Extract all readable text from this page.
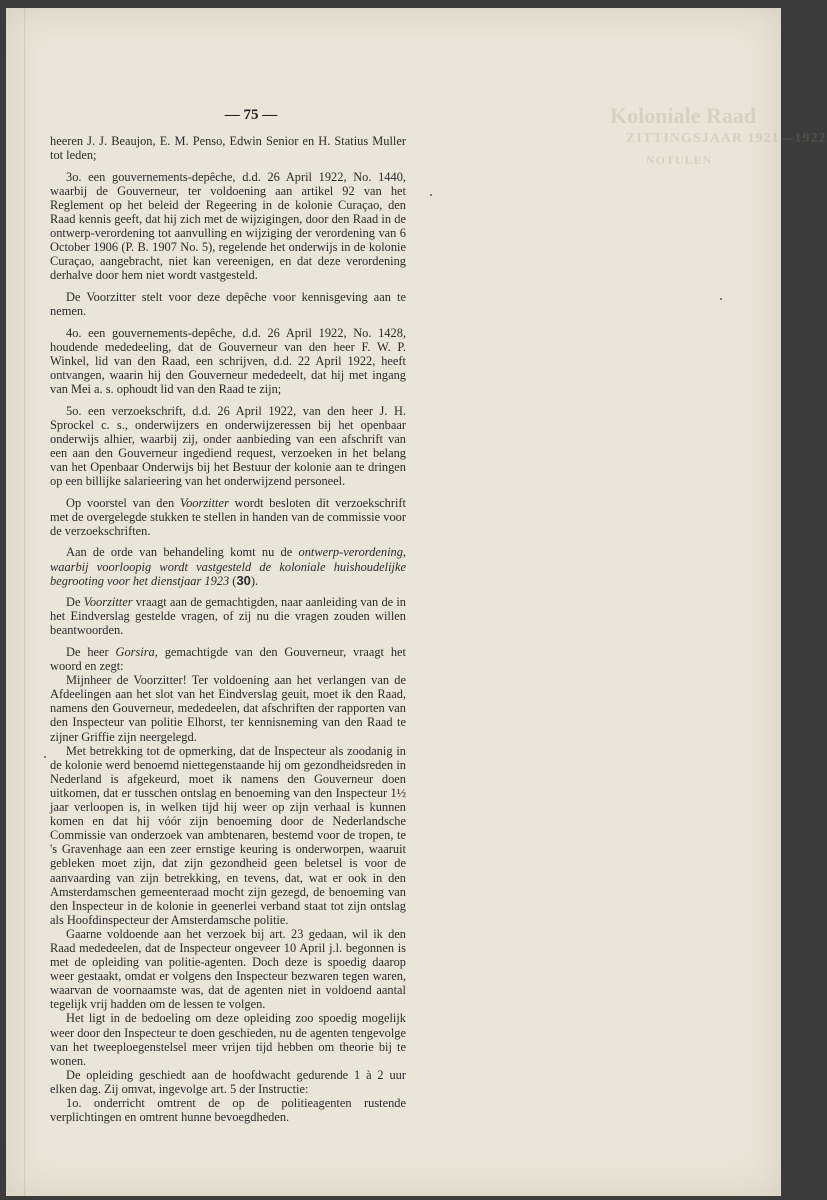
Koloniale Raad
ZITTINGSJAAR 1921—1922
NOTULEN
— 75 —

heeren J. J. Beaujon, E. M. Penso, Edwin Senior en H. Statius Muller tot leden;

3o. een gouvernements-depêche, d.d. 26 April 1922, No. 1440, waarbij de Gouverneur, ter voldoening aan artikel 92 van het Reglement op het beleid der Regeering in de kolonie Curaçao, den Raad kennis geeft, dat hij zich met de wijzigingen, door den Raad in de ontwerp-verordening tot aanvulling en wijziging der verordening van 6 October 1906 (P. B. 1907 No. 5), regelende het onderwijs in de kolonie Curaçao, aangebracht, niet kan vereenigen, en dat deze verordening derhalve door hem niet wordt vastgesteld.

De Voorzitter stelt voor deze depêche voor kennisgeving aan te nemen.

4o. een gouvernements-depêche, d.d. 26 April 1922, No. 1428, houdende mededeeling, dat de Gouverneur van den heer F. W. P. Winkel, lid van den Raad, een schrijven, d.d. 22 April 1922, heeft ontvangen, waarin hij den Gouverneur mededeelt, dat hij met ingang van Mei a. s. ophoudt lid van den Raad te zijn;

5o. een verzoekschrift, d.d. 26 April 1922, van den heer J. H. Sprockel c. s., onderwijzers en onderwijzeressen bij het openbaar onderwijs alhier, waarbij zij, onder aanbieding van een afschrift van een aan den Gouverneur ingediend request, verzoeken in het belang van het Openbaar Onderwijs bij het Bestuur der kolonie aan te dringen op een billijke salarieering van het onderwijzend personeel.

Op voorstel van den Voorzitter wordt besloten dit verzoekschrift met de overgelegde stukken te stellen in handen van de commissie voor de verzoekschriften.

Aan de orde van behandeling komt nu de ontwerp-verordening, waarbij voorloopig wordt vastgesteld de koloniale huishoudelijke begrooting voor het dienstjaar 1923 (30).

De Voorzitter vraagt aan de gemachtigden, naar aanleiding van de in het Eindverslag gestelde vragen, of zij nu die vragen zouden willen beantwoorden.

De heer Gorsira, gemachtigde van den Gouverneur, vraagt het woord en zegt:

Mijnheer de Voorzitter! Ter voldoening aan het verlangen van de Afdeelingen aan het slot van het Eindverslag geuit, moet ik den Raad, namens den Gouverneur, mededeelen, dat afschriften der rapporten van den Inspecteur van politie Elhorst, ter kennisneming van den Raad te zijner Griffie zijn neergelegd.

Met betrekking tot de opmerking, dat de Inspecteur als zoodanig in de kolonie werd benoemd niettegenstaande hij om gezondheidsreden in Nederland is afgekeurd, moet ik namens den Gouverneur doen uitkomen, dat er tusschen ontslag en benoeming van den Inspecteur 1½ jaar verloopen is, in welken tijd hij weer op zijn verhaal is kunnen komen en dat hij vóór zijn benoeming door de Nederlandsche Commissie van onderzoek van ambtenaren, bestemd voor de tropen, te 's Gravenhage aan een zeer ernstige keuring is onderworpen, waaruit gebleken moet zijn, dat zijn gezondheid geen beletsel is voor de aanvaarding van zijn betrekking, en tevens, dat, wat er ook in den Amsterdamschen gemeenteraad mocht zijn gezegd, de benoeming van den Inspecteur in de kolonie in geenerlei verband staat tot zijn ontslag als Hoofdinspecteur der Amsterdamsche politie.

Gaarne voldoende aan het verzoek bij art. 23 gedaan, wil ik den Raad mededeelen, dat de Inspecteur ongeveer 10 April j.l. begonnen is met de opleiding van politie-agenten. Doch deze is spoedig daarop weer gestaakt, omdat er volgens den Inspecteur bezwaren tegen waren, waarvan de voornaamste was, dat de agenten niet in voldoend aantal tegelijk vrij hadden om de lessen te volgen.

Het ligt in de bedoeling om deze opleiding zoo spoedig mogelijk weer door den Inspecteur te doen geschieden, nu de agenten tengevolge van het tweeploegenstelsel meer vrijen tijd hebben om theorie bij te wonen.

De opleiding geschiedt aan de hoofdwacht gedurende 1 à 2 uur elken dag. Zij omvat, ingevolge art. 5 der Instructie:

1o. onderricht omtrent de op de politieagenten rustende verplichtingen en omtrent hunne bevoegdheden.
